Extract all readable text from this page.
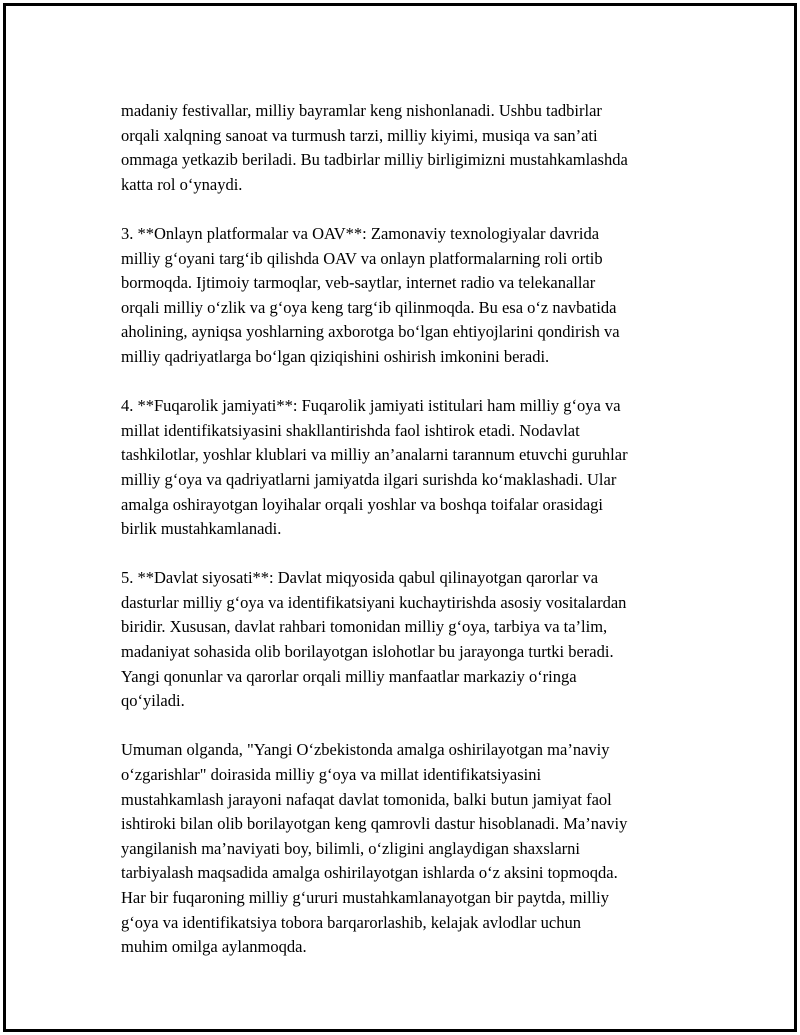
madaniy festivallar, milliy bayramlar keng nishonlanadi. Ushbu tadbirlar
orqali xalqning sanoat va turmush tarzi, milliy kiyimi, musiqa va san’ati
ommaga yetkazib beriladi. Bu tadbirlar milliy birligimizni mustahkamlashda
katta rol o‘ynaydi.

3. **Onlayn platformalar va OAV**: Zamonaviy texnologiyalar davrida
milliy g‘oyani targ‘ib qilishda OAV va onlayn platformalarning roli ortib
bormoqda. Ijtimoiy tarmoqlar, veb-saytlar, internet radio va telekanallar
orqali milliy o‘zlik va g‘oya keng targ‘ib qilinmoqda. Bu esa o‘z navbatida
aholining, ayniqsa yoshlarning axborotga bo‘lgan ehtiyojlarini qondirish va
milliy qadriyatlarga bo‘lgan qiziqishini oshirish imkonini beradi.

4. **Fuqarolik jamiyati**: Fuqarolik jamiyati istitulari ham milliy g‘oya va
millat identifikatsiyasini shakllantirishda faol ishtirok etadi. Nodavlat
tashkilotlar, yoshlar klublari va milliy an’analarni tarannum etuvchi guruhlar
milliy g‘oya va qadriyatlarni jamiyatda ilgari surishda ko‘maklashadi. Ular
amalga oshirayotgan loyihalar orqali yoshlar va boshqa toifalar orasidagi
birlik mustahkamlanadi.

5. **Davlat siyosati**: Davlat miqyosida qabul qilinayotgan qarorlar va
dasturlar milliy g‘oya va identifikatsiyani kuchaytirishda asosiy vositalardan
biridir. Xususan, davlat rahbari tomonidan milliy g‘oya, tarbiya va ta’lim,
madaniyat sohasida olib borilayotgan islohotlar bu jarayonga turtki beradi.
Yangi qonunlar va qarorlar orqali milliy manfaatlar markaziy o‘ringa
qo‘yiladi.

Umuman olganda, "Yangi O‘zbekistonda amalga oshirilayotgan ma’naviy
o‘zgarishlar" doirasida milliy g‘oya va millat identifikatsiyasini
mustahkamlash jarayoni nafaqat davlat tomonida, balki butun jamiyat faol
ishtiroki bilan olib borilayotgan keng qamrovli dastur hisoblanadi. Ma’naviy
yangilanish ma’naviyati boy, bilimli, o‘zligini anglaydigan shaxslarni
tarbiyalash maqsadida amalga oshirilayotgan ishlarda o‘z aksini topmoqda.
Har bir fuqaroning milliy g‘ururi mustahkamlanayotgan bir paytda, milliy
g‘oya va identifikatsiya tobora barqarorlashib, kelajak avlodlar uchun
muhim omilga aylanmoqda.
